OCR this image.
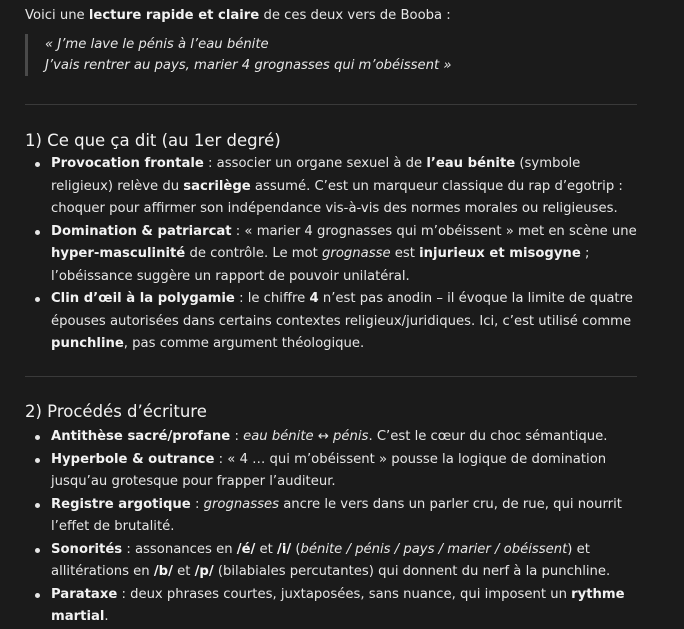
Voici une lecture rapide et claire de ces deux vers de Booba :
« J’me lave le pénis à l’eau bénite
J’vais rentrer au pays, marier 4 grognasses qui m’obéissent »
1) Ce que ça dit (au 1er degré)
Provocation frontale : associer un organe sexuel à de l’eau bénite (symbole religieux) relève du sacrilège assumé. C’est un marqueur classique du rap d’egotrip : choquer pour affirmer son indépendance vis-à-vis des normes morales ou religieuses.
Domination & patriarcat : « marier 4 grognasses qui m’obéissent » met en scène une hyper-masculinité de contrôle. Le mot grognasse est injurieux et misogyne ; l’obéissance suggère un rapport de pouvoir unilatéral.
Clin d’œil à la polygamie : le chiffre 4 n’est pas anodin – il évoque la limite de quatre épouses autorisées dans certains contextes religieux/juridiques. Ici, c’est utilisé comme punchline, pas comme argument théologique.
2) Procédés d’écriture
Antithèse sacré/profane : eau bénite ↔ pénis. C’est le cœur du choc sémantique.
Hyperbole & outrance : « 4 … qui m’obéissent » pousse la logique de domination jusqu’au grotesque pour frapper l’auditeur.
Registre argotique : grognasses ancre le vers dans un parler cru, de rue, qui nourrit l’effet de brutalité.
Sonorités : assonances en /é/ et /i/ (bénite / pénis / pays / marier / obéissent) et allitérations en /b/ et /p/ (bilabiales percutantes) qui donnent du nerf à la punchline.
Parataxe : deux phrases courtes, juxtaposées, sans nuance, qui imposent un rythme martial.
